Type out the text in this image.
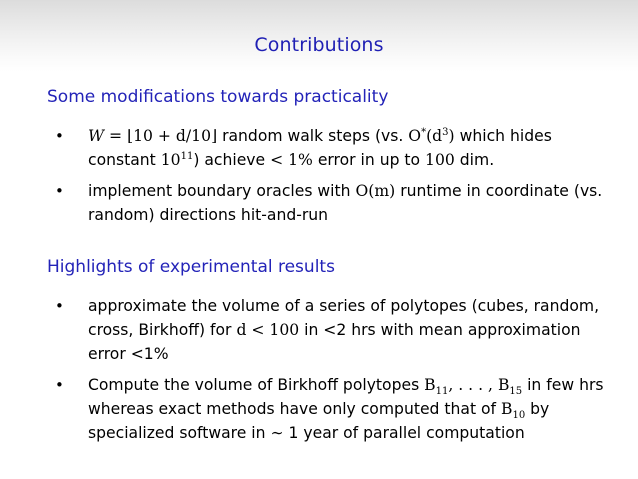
Contributions
Some modifications towards practicality
• W = ⌊10 + d/10⌋ random walk steps (vs. $O^*(d^3)$ which hides constant $10^{11}$) achieve < 1% error in up to 100 dim.
• implement boundary oracles with O(m) runtime in coordinate (vs. random) directions hit-and-run
Highlights of experimental results
• approximate the volume of a series of polytopes (cubes, random, cross, Birkhoff) for d < 100 in <2 hrs with mean approximation error <1%
• Compute the volume of Birkhoff polytopes $B_{11}$, . . . , $B_{15}$ in few hrs whereas exact methods have only computed that of $B_{10}$ by specialized software in ∼ 1 year of parallel computation
